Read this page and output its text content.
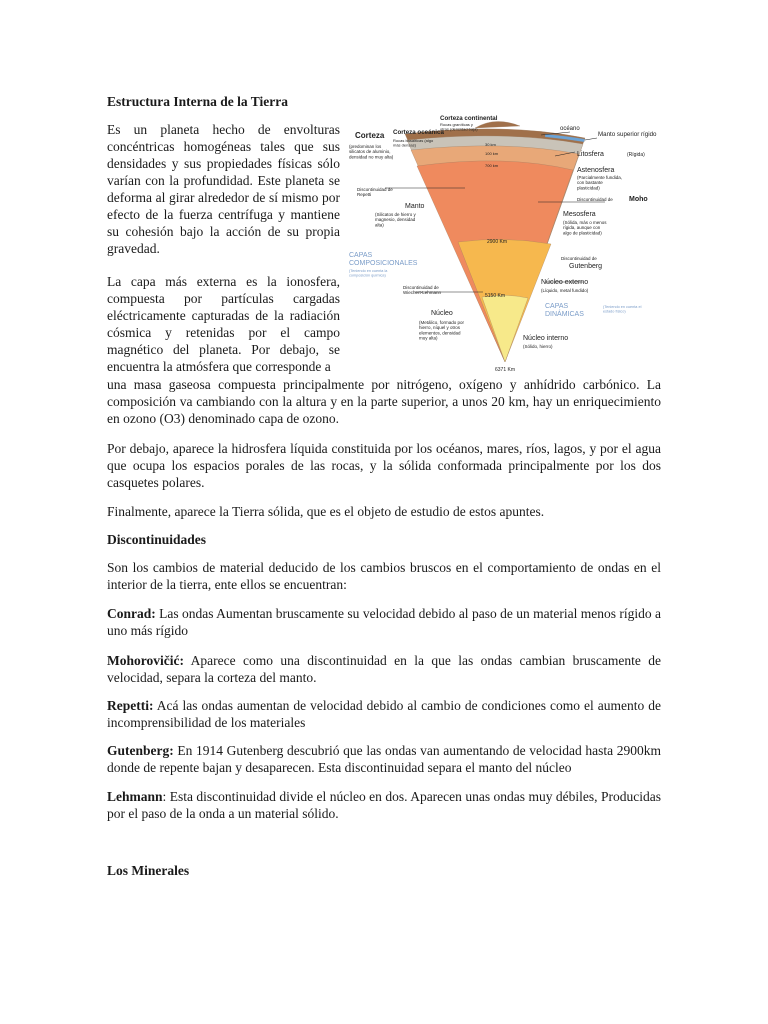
Estructura Interna de la Tierra

Es un planeta hecho de envolturas concéntricas homogéneas tales que sus densidades y sus propiedades físicas sólo varían con la profundidad. Este planeta se deforma al girar alrededor de sí mismo por efecto de la fuerza centrífuga y mantiene su cohesión bajo la acción de su propia gravedad.

La capa más externa es la ionosfera, compuesta por partículas cargadas eléctricamente capturadas de la radiación cósmica y retenidas por el campo magnético del planeta. Por debajo, se encuentra la atmósfera que corresponde a

una masa gaseosa compuesta principalmente por nitrógeno, oxígeno y anhídrido carbónico. La composición va cambiando con la altura y en la parte superior, a unos 20 km, hay un enriquecimiento en ozono (O3) denominado capa de ozono.

Por debajo, aparece la hidrosfera líquida constituida por los océanos, mares, ríos, lagos, y por el agua que ocupa los espacios porales de las rocas, y la sólida conformada principalmente por los dos casquetes polares.

Finalmente, aparece la Tierra sólida, que es el objeto de estudio de estos apuntes.

Discontinuidades

Son los cambios de material deducido de los cambios bruscos en el comportamiento de ondas en el interior de la tierra, ente ellos se encuentran:

Conrad: Las ondas Aumentan bruscamente su velocidad debido al paso de un material menos rígido a uno más rígido

Mohorovičić: Aparece como una discontinuidad en la que las ondas cambian bruscamente de velocidad, separa la corteza del manto.

Repetti: Acá las ondas aumentan de velocidad debido al cambio de condiciones como el aumento de incomprensibilidad de los materiales

Gutenberg: En 1914 Gutenberg descubrió que las ondas van aumentando de velocidad hasta 2900km donde de repente bajan y desaparecen. Esta discontinuidad separa el manto del núcleo

Lehmann: Esta discontinuidad divide el núcleo en dos. Aparecen unas ondas muy débiles, Producidas por el paso de la onda a un material sólido.

Los Minerales
Corteza continental
Rocas graníticas y otras (densidad baja)
Corteza Corteza oceánica
Rocas basálticas (algo más densas)
(predominan los silicatos de aluminio, densidad no muy alta)
océano
Manto superior rígido
Litosfera	(Rígida)
Astenosfera
(Parcialmente fundida, con bastante plasticidad)
Discontinuidad de Repetti
Discontinuidad de Moho
Manto
(Silicatos de hierro y magnesio, densidad alta)
Mesosfera
(Sólida, más o menos rígida, aunque con algo de plasticidad)
30 km
100 km
700 km
2900 Km
5150 Km
6371 Km
CAPAS
COMPOSICIONALES
(Teniendo en cuenta la composición química)
Discontinuidad de
Gutenberg
Núcleo externo
(Líquido, metal fundido)
Discontinuidad de Wiechert-Lehmann
CAPAS
DINÁMICAS
(Teniendo en cuenta el estado físico)
Núcleo
(Metálico, formado por hierro, níquel y otros elementos, densidad muy alta)	Núcleo interno
(Sólido, hierro)
